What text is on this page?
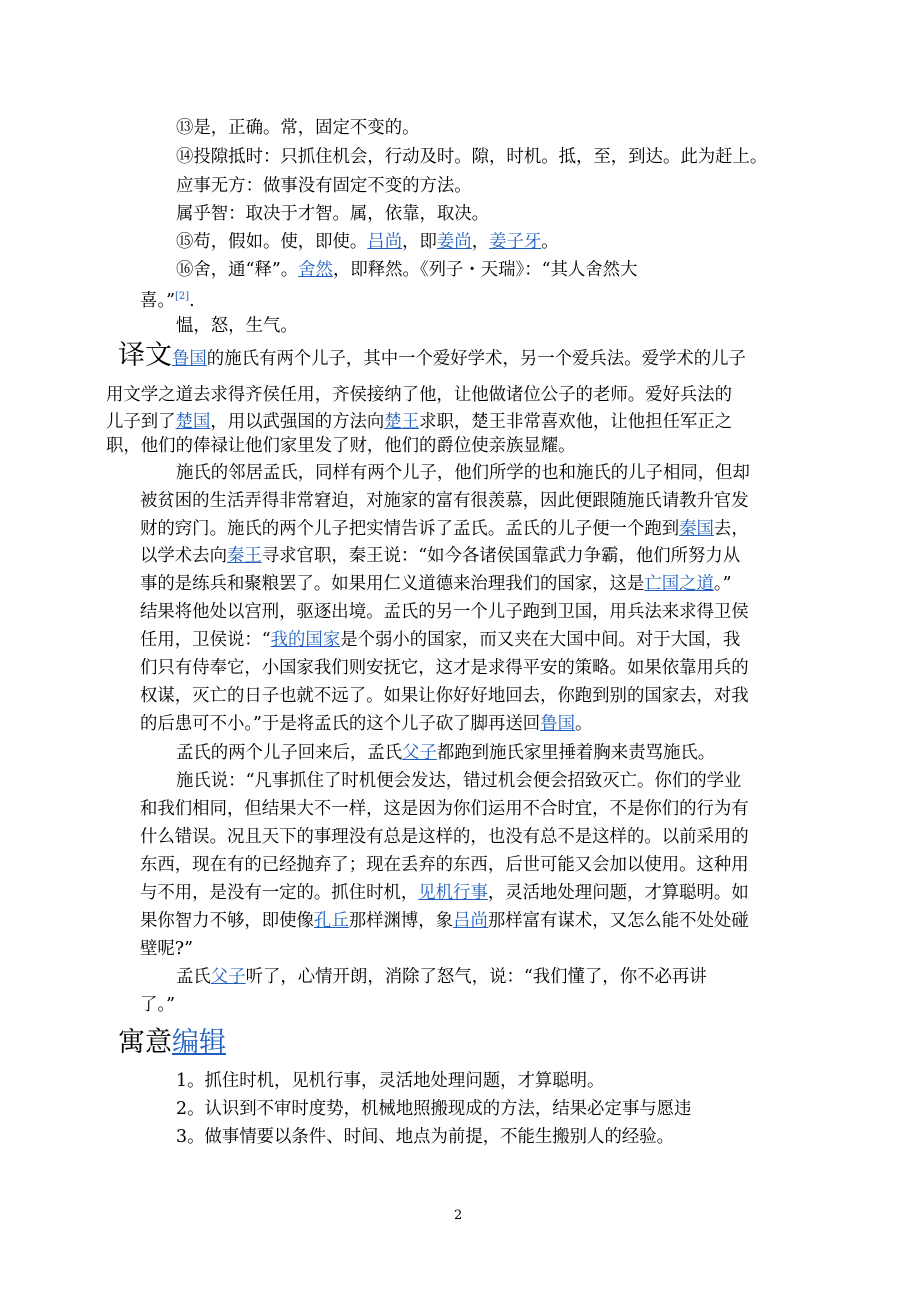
⑬是，正确。常，固定不变的。
⑭投隙抵时：只抓住机会，行动及时。隙，时机。抵，至，到达。此为赶上。
应事无方：做事没有固定不变的方法。
属乎智：取决于才智。属，依靠，取决。
⑮苟，假如。使，即使。吕尚，即姜尚，姜子牙。
⑯舍，通“释”。舍然，即释然。《列子・天瑞》：“其人舍然大
喜。”[2].
愠，怒，生气。
译文鲁国的施氏有两个儿子，其中一个爱好学术，另一个爱兵法。爱学术的儿子
用文学之道去求得齐侯任用，齐侯接纳了他，让他做诸位公子的老师。爱好兵法的
儿子到了楚国，用以武强国的方法向楚王求职，楚王非常喜欢他，让他担任军正之
职，他们的俸禄让他们家里发了财，他们的爵位使亲族显耀。
施氏的邻居孟氏，同样有两个儿子，他们所学的也和施氏的儿子相同，但却
被贫困的生活弄得非常窘迫，对施家的富有很羡慕，因此便跟随施氏请教升官发
财的窍门。施氏的两个儿子把实情告诉了孟氏。孟氏的儿子便一个跑到秦国去，
以学术去向秦王寻求官职，秦王说：“如今各诸侯国靠武力争霸，他们所努力从
事的是练兵和聚粮罢了。如果用仁义道德来治理我们的国家，这是亡国之道。”
结果将他处以宫刑，驱逐出境。孟氏的另一个儿子跑到卫国，用兵法来求得卫侯
任用，卫侯说：“我的国家是个弱小的国家，而又夹在大国中间。对于大国，我
们只有侍奉它，小国家我们则安抚它，这才是求得平安的策略。如果依靠用兵的
权谋，灭亡的日子也就不远了。如果让你好好地回去，你跑到别的国家去，对我
的后患可不小。”于是将孟氏的这个儿子砍了脚再送回鲁国。
孟氏的两个儿子回来后，孟氏父子都跑到施氏家里捶着胸来责骂施氏。
施氏说：“凡事抓住了时机便会发达，错过机会便会招致灭亡。你们的学业
和我们相同，但结果大不一样，这是因为你们运用不合时宜，不是你们的行为有
什么错误。况且天下的事理没有总是这样的，也没有总不是这样的。以前采用的
东西，现在有的已经抛弃了；现在丢弃的东西，后世可能又会加以使用。这种用
与不用，是没有一定的。抓住时机，见机行事，灵活地处理问题，才算聪明。如
果你智力不够，即使像孔丘那样渊博，象吕尚那样富有谋术，又怎么能不处处碰
壁呢?”
孟氏父子听了，心情开朗，消除了怒气，说：“我们懂了，你不必再讲
了。”
寓意编辑
1。抓住时机，见机行事，灵活地处理问题，才算聪明。
2。认识到不审时度势，机械地照搬现成的方法，结果必定事与愿违
3。做事情要以条件、时间、地点为前提，不能生搬别人的经验。
2
